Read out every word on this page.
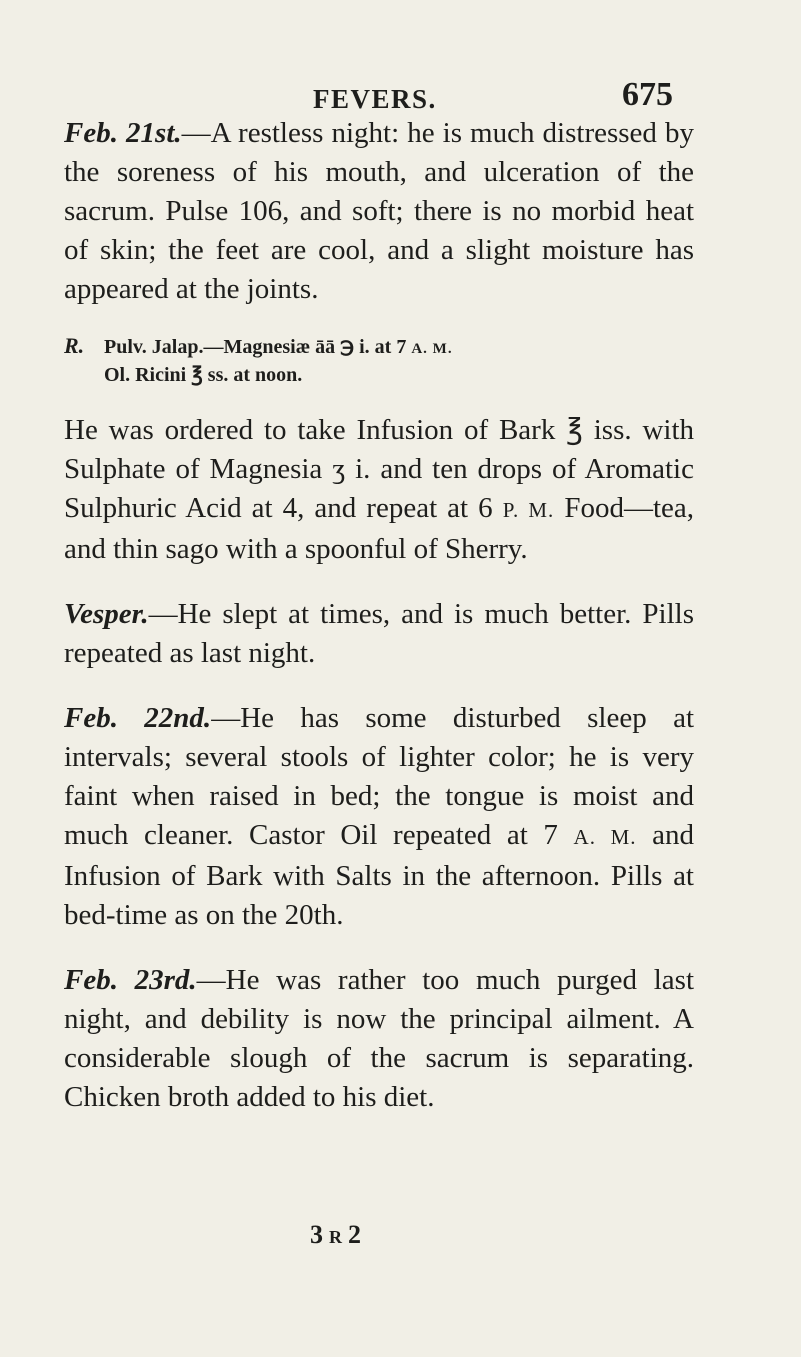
FEVERS.	675

Feb. 21st.—A restless night: he is much distressed by the soreness of his mouth, and ulceration of the sacrum. Pulse 106, and soft; there is no morbid heat of skin; the feet are cool, and a slight moisture has appeared at the joints.

R. Pulv. Jalap.—Magnesiæ āā ℈ i. at 7 A. M.
Ol. Ricini ℥ ss. at noon.

He was ordered to take Infusion of Bark ℥ iss. with Sulphate of Magnesia ʒ i. and ten drops of Aromatic Sulphuric Acid at 4, and repeat at 6 P. M. Food—tea, and thin sago with a spoonful of Sherry.

Vesper.—He slept at times, and is much better. Pills repeated as last night.

Feb. 22nd.—He has some disturbed sleep at intervals; several stools of lighter color; he is very faint when raised in bed; the tongue is moist and much cleaner. Castor Oil repeated at 7 A. M. and Infusion of Bark with Salts in the afternoon. Pills at bed-time as on the 20th.

Feb. 23rd.—He was rather too much purged last night, and debility is now the principal ailment. A considerable slough of the sacrum is separating. Chicken broth added to his diet.

3R2
